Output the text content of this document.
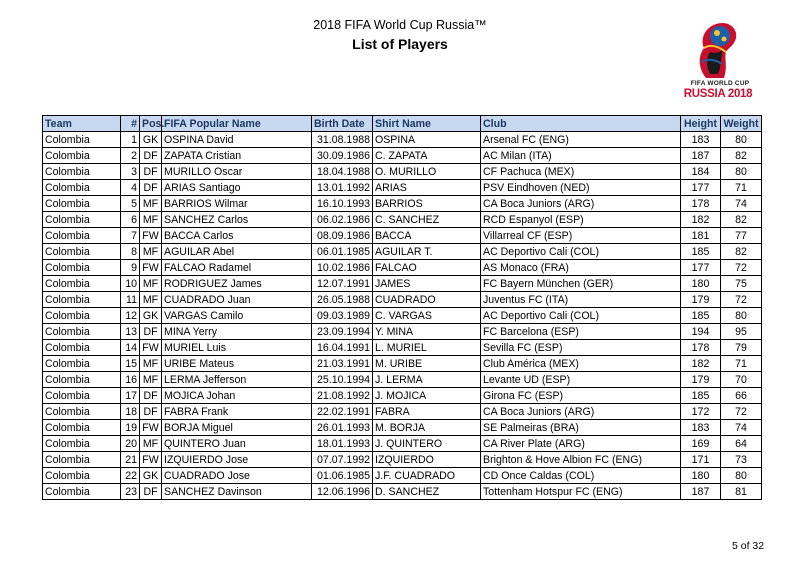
2018 FIFA World Cup Russia™
List of Players
FIFA WORLD CUP
RUSSIA 2018
Team	#	Pos.	FIFA Popular Name	Birth Date	Shirt Name	Club	Height	Weight
Colombia	1	GK	OSPINA David	31.08.1988	OSPINA	Arsenal FC (ENG)	183	80
Colombia	2	DF	ZAPATA Cristian	30.09.1986	C. ZAPATA	AC Milan (ITA)	187	82
Colombia	3	DF	MURILLO Oscar	18.04.1988	O. MURILLO	CF Pachuca (MEX)	184	80
Colombia	4	DF	ARIAS Santiago	13.01.1992	ARIAS	PSV Eindhoven (NED)	177	71
Colombia	5	MF	BARRIOS Wilmar	16.10.1993	BARRIOS	CA Boca Juniors (ARG)	178	74
Colombia	6	MF	SANCHEZ Carlos	06.02.1986	C. SANCHEZ	RCD Espanyol (ESP)	182	82
Colombia	7	FW	BACCA Carlos	08.09.1986	BACCA	Villarreal CF (ESP)	181	77
Colombia	8	MF	AGUILAR Abel	06.01.1985	AGUILAR T.	AC Deportivo Cali (COL)	185	82
Colombia	9	FW	FALCAO Radamel	10.02.1986	FALCAO	AS Monaco (FRA)	177	72
Colombia	10	MF	RODRIGUEZ James	12.07.1991	JAMES	FC Bayern München (GER)	180	75
Colombia	11	MF	CUADRADO Juan	26.05.1988	CUADRADO	Juventus FC (ITA)	179	72
Colombia	12	GK	VARGAS Camilo	09.03.1989	C. VARGAS	AC Deportivo Cali (COL)	185	80
Colombia	13	DF	MINA Yerry	23.09.1994	Y. MINA	FC Barcelona (ESP)	194	95
Colombia	14	FW	MURIEL Luis	16.04.1991	L. MURIEL	Sevilla FC (ESP)	178	79
Colombia	15	MF	URIBE Mateus	21.03.1991	M. URIBE	Club América (MEX)	182	71
Colombia	16	MF	LERMA Jefferson	25.10.1994	J. LERMA	Levante UD (ESP)	179	70
Colombia	17	DF	MOJICA Johan	21.08.1992	J. MOJICA	Girona FC (ESP)	185	66
Colombia	18	DF	FABRA Frank	22.02.1991	FABRA	CA Boca Juniors (ARG)	172	72
Colombia	19	FW	BORJA Miguel	26.01.1993	M. BORJA	SE Palmeiras (BRA)	183	74
Colombia	20	MF	QUINTERO Juan	18.01.1993	J. QUINTERO	CA River Plate (ARG)	169	64
Colombia	21	FW	IZQUIERDO Jose	07.07.1992	IZQUIERDO	Brighton & Hove Albion FC (ENG)	171	73
Colombia	22	GK	CUADRADO Jose	01.06.1985	J.F. CUADRADO	CD Once Caldas (COL)	180	80
Colombia	23	DF	SANCHEZ Davinson	12.06.1996	D. SANCHEZ	Tottenham Hotspur FC (ENG)	187	81
5 of 32
